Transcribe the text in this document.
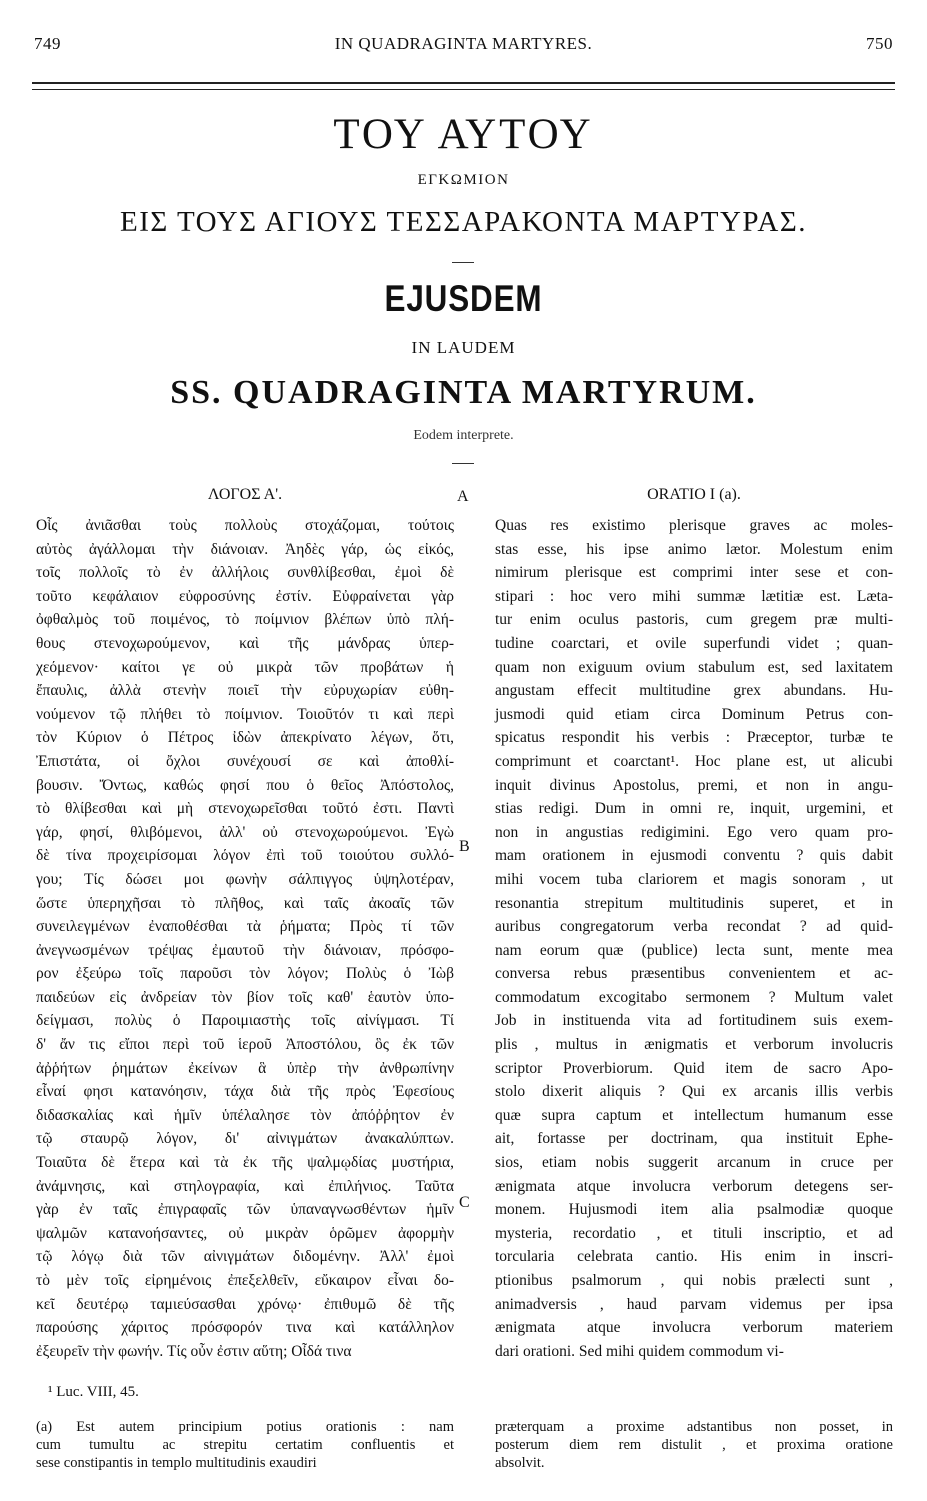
749	IN QUADRAGINTA MARTYRES.	750
ΤΟΥ ΑΥΤΟΥ
ΕΓΚΩΜΙΟΝ
ΕΙΣ ΤΟΥΣ ΑΓΙΟΥΣ ΤΕΣΣΑΡΑΚΟΝΤΑ ΜΑΡΤΥΡΑΣ.
EJUSDEM
IN LAUDEM
SS. QUADRAGINTA MARTYRUM.
Eodem interprete.
ΛΟΓΟΣ Α'.	ORATIO I (a).
A
B
C
Οἷς ἀνιᾶσθαι τοὺς πολλοὺς στοχάζομαι, τούτοις
αὐτὸς ἀγάλλομαι τὴν διάνοιαν. Ἀηδὲς γάρ, ὡς εἰκός,
τοῖς πολλοῖς τὸ ἐν ἀλλήλοις συνθλίβεσθαι, ἐμοὶ δὲ
τοῦτο κεφάλαιον εὐφροσύνης ἐστίν. Εὐφραίνεται γὰρ
ὀφθαλμὸς τοῦ ποιμένος, τὸ ποίμνιον βλέπων ὑπὸ πλή-
θους στενοχωρούμενον, καὶ τῆς μάνδρας ὑπερ-
χεόμενον· καίτοι γε οὐ μικρὰ τῶν προβάτων ἡ
ἔπαυλις, ἀλλὰ στενὴν ποιεῖ τὴν εὐρυχωρίαν εὐθη-
νούμενον τῷ πλήθει τὸ ποίμνιον. Τοιοῦτόν τι καὶ περὶ
τὸν Κύριον ὁ Πέτρος ἰδὼν ἀπεκρίνατο λέγων, ὅτι,
Ἐπιστάτα, οἱ ὄχλοι συνέχουσί σε καὶ ἀποθλί-
βουσιν. Ὄντως, καθώς φησί που ὁ θεῖος Ἀπόστολος,
τὸ θλίβεσθαι καὶ μὴ στενοχωρεῖσθαι τοῦτό ἐστι. Παντὶ
γάρ, φησί, θλιβόμενοι, ἀλλ' οὐ στενοχωρούμενοι. Ἐγὼ
δὲ τίνα προχειρίσομαι λόγον ἐπὶ τοῦ τοιούτου συλλό-
γου; Τίς δώσει μοι φωνὴν σάλπιγγος ὑψηλοτέραν,
ὥστε ὑπερηχῆσαι τὸ πλῆθος, καὶ ταῖς ἀκοαῖς τῶν
συνειλεγμένων ἐναποθέσθαι τὰ ῥήματα; Πρὸς τί τῶν
ἀνεγνωσμένων τρέψας ἐμαυτοῦ τὴν διάνοιαν, πρόσφο-
ρον ἐξεύρω τοῖς παροῦσι τὸν λόγον; Πολὺς ὁ Ἰὼβ
παιδεύων εἰς ἀνδρείαν τὸν βίον τοῖς καθ' ἑαυτὸν ὑπο-
δείγμασι, πολὺς ὁ Παροιμιαστὴς τοῖς αἰνίγμασι. Τί
δ' ἄν τις εἴποι περὶ τοῦ ἱεροῦ Ἀποστόλου, ὃς ἐκ τῶν
ἀῤῥήτων ῥημάτων ἐκείνων ἃ ὑπὲρ τὴν ἀνθρωπίνην
εἶναί φησι κατανόησιν, τάχα διὰ τῆς πρὸς Ἐφεσίους
διδασκαλίας καὶ ἡμῖν ὑπέλαλησε τὸν ἀπόῤῥητον ἐν
τῷ σταυρῷ λόγον, δι' αἰνιγμάτων ἀνακαλύπτων.
Τοιαῦτα δὲ ἕτερα καὶ τὰ ἐκ τῆς ψαλμῳδίας μυστήρια,
ἀνάμνησις, καὶ στηλογραφία, καὶ ἐπιλήνιος. Ταῦτα
γὰρ ἐν ταῖς ἐπιγραφαῖς τῶν ὑπαναγνωσθέντων ἡμῖν
ψαλμῶν κατανοήσαντες, οὐ μικρὰν ὁρῶμεν ἀφορμὴν
τῷ λόγῳ διὰ τῶν αἰνιγμάτων διδομένην. Ἀλλ' ἐμοὶ
τὸ μὲν τοῖς εἰρημένοις ἐπεξελθεῖν, εὔκαιρον εἶναι δο-
κεῖ δευτέρῳ ταμιεύσασθαι χρόνῳ· ἐπιθυμῶ δὲ τῆς
παρούσης χάριτος πρόσφορόν τινα καὶ κατάλληλον
ἐξευρεῖν τὴν φωνήν. Τίς οὖν ἐστιν αὕτη; Οἶδά τινα
Quas res existimo plerisque graves ac moles-
stas esse, his ipse animo lætor. Molestum enim
nimirum plerisque est comprimi inter sese et con-
stipari : hoc vero mihi summæ lætitiæ est. Læta-
tur enim oculus pastoris, cum gregem præ multi-
tudine coarctari, et ovile superfundi videt ; quan-
quam non exiguum ovium stabulum est, sed laxitatem
angustam effecit multitudine grex abundans. Hu-
jusmodi quid etiam circa Dominum Petrus con-
spicatus respondit his verbis : Præceptor, turbæ te
comprimunt et coarctant¹. Hoc plane est, ut alicubi
inquit divinus Apostolus, premi, et non in angu-
stias redigi. Dum in omni re, inquit, urgemini, et
non in angustias redigimini. Ego vero quam pro-
mam orationem in ejusmodi conventu ? quis dabit
mihi vocem tuba clariorem et magis sonoram , ut
resonantia strepitum multitudinis superet, et in
auribus congregatorum verba recondat ? ad quid-
nam eorum quæ (publice) lecta sunt, mente mea
conversa rebus præsentibus convenientem et ac-
commodatum excogitabo sermonem ? Multum valet
Job in instituenda vita ad fortitudinem suis exem-
plis , multus in ænigmatis et verborum involucris
scriptor Proverbiorum. Quid item de sacro Apo-
stolo dixerit aliquis ? Qui ex arcanis illis verbis
quæ supra captum et intellectum humanum esse
ait, fortasse per doctrinam, qua instituit Ephe-
sios, etiam nobis suggerit arcanum in cruce per
ænigmata atque involucra verborum detegens ser-
monem. Hujusmodi item alia psalmodiæ quoque
mysteria, recordatio , et tituli inscriptio, et ad
torcularia celebrata cantio. His enim in inscri-
ptionibus psalmorum , qui nobis prælecti sunt ,
animadversis , haud parvam videmus per ipsa
ænigmata atque involucra verborum materiem
dari orationi. Sed mihi quidem commodum vi-
¹ Luc. VIII, 45.
(a) Est autem principium potius orationis : nam
cum tumultu ac strepitu certatim confluentis et
sese constipantis in templo multitudinis exaudiri
præterquam a proxime adstantibus non posset, in
posterum diem rem distulit , et proxima oratione
absolvit.
